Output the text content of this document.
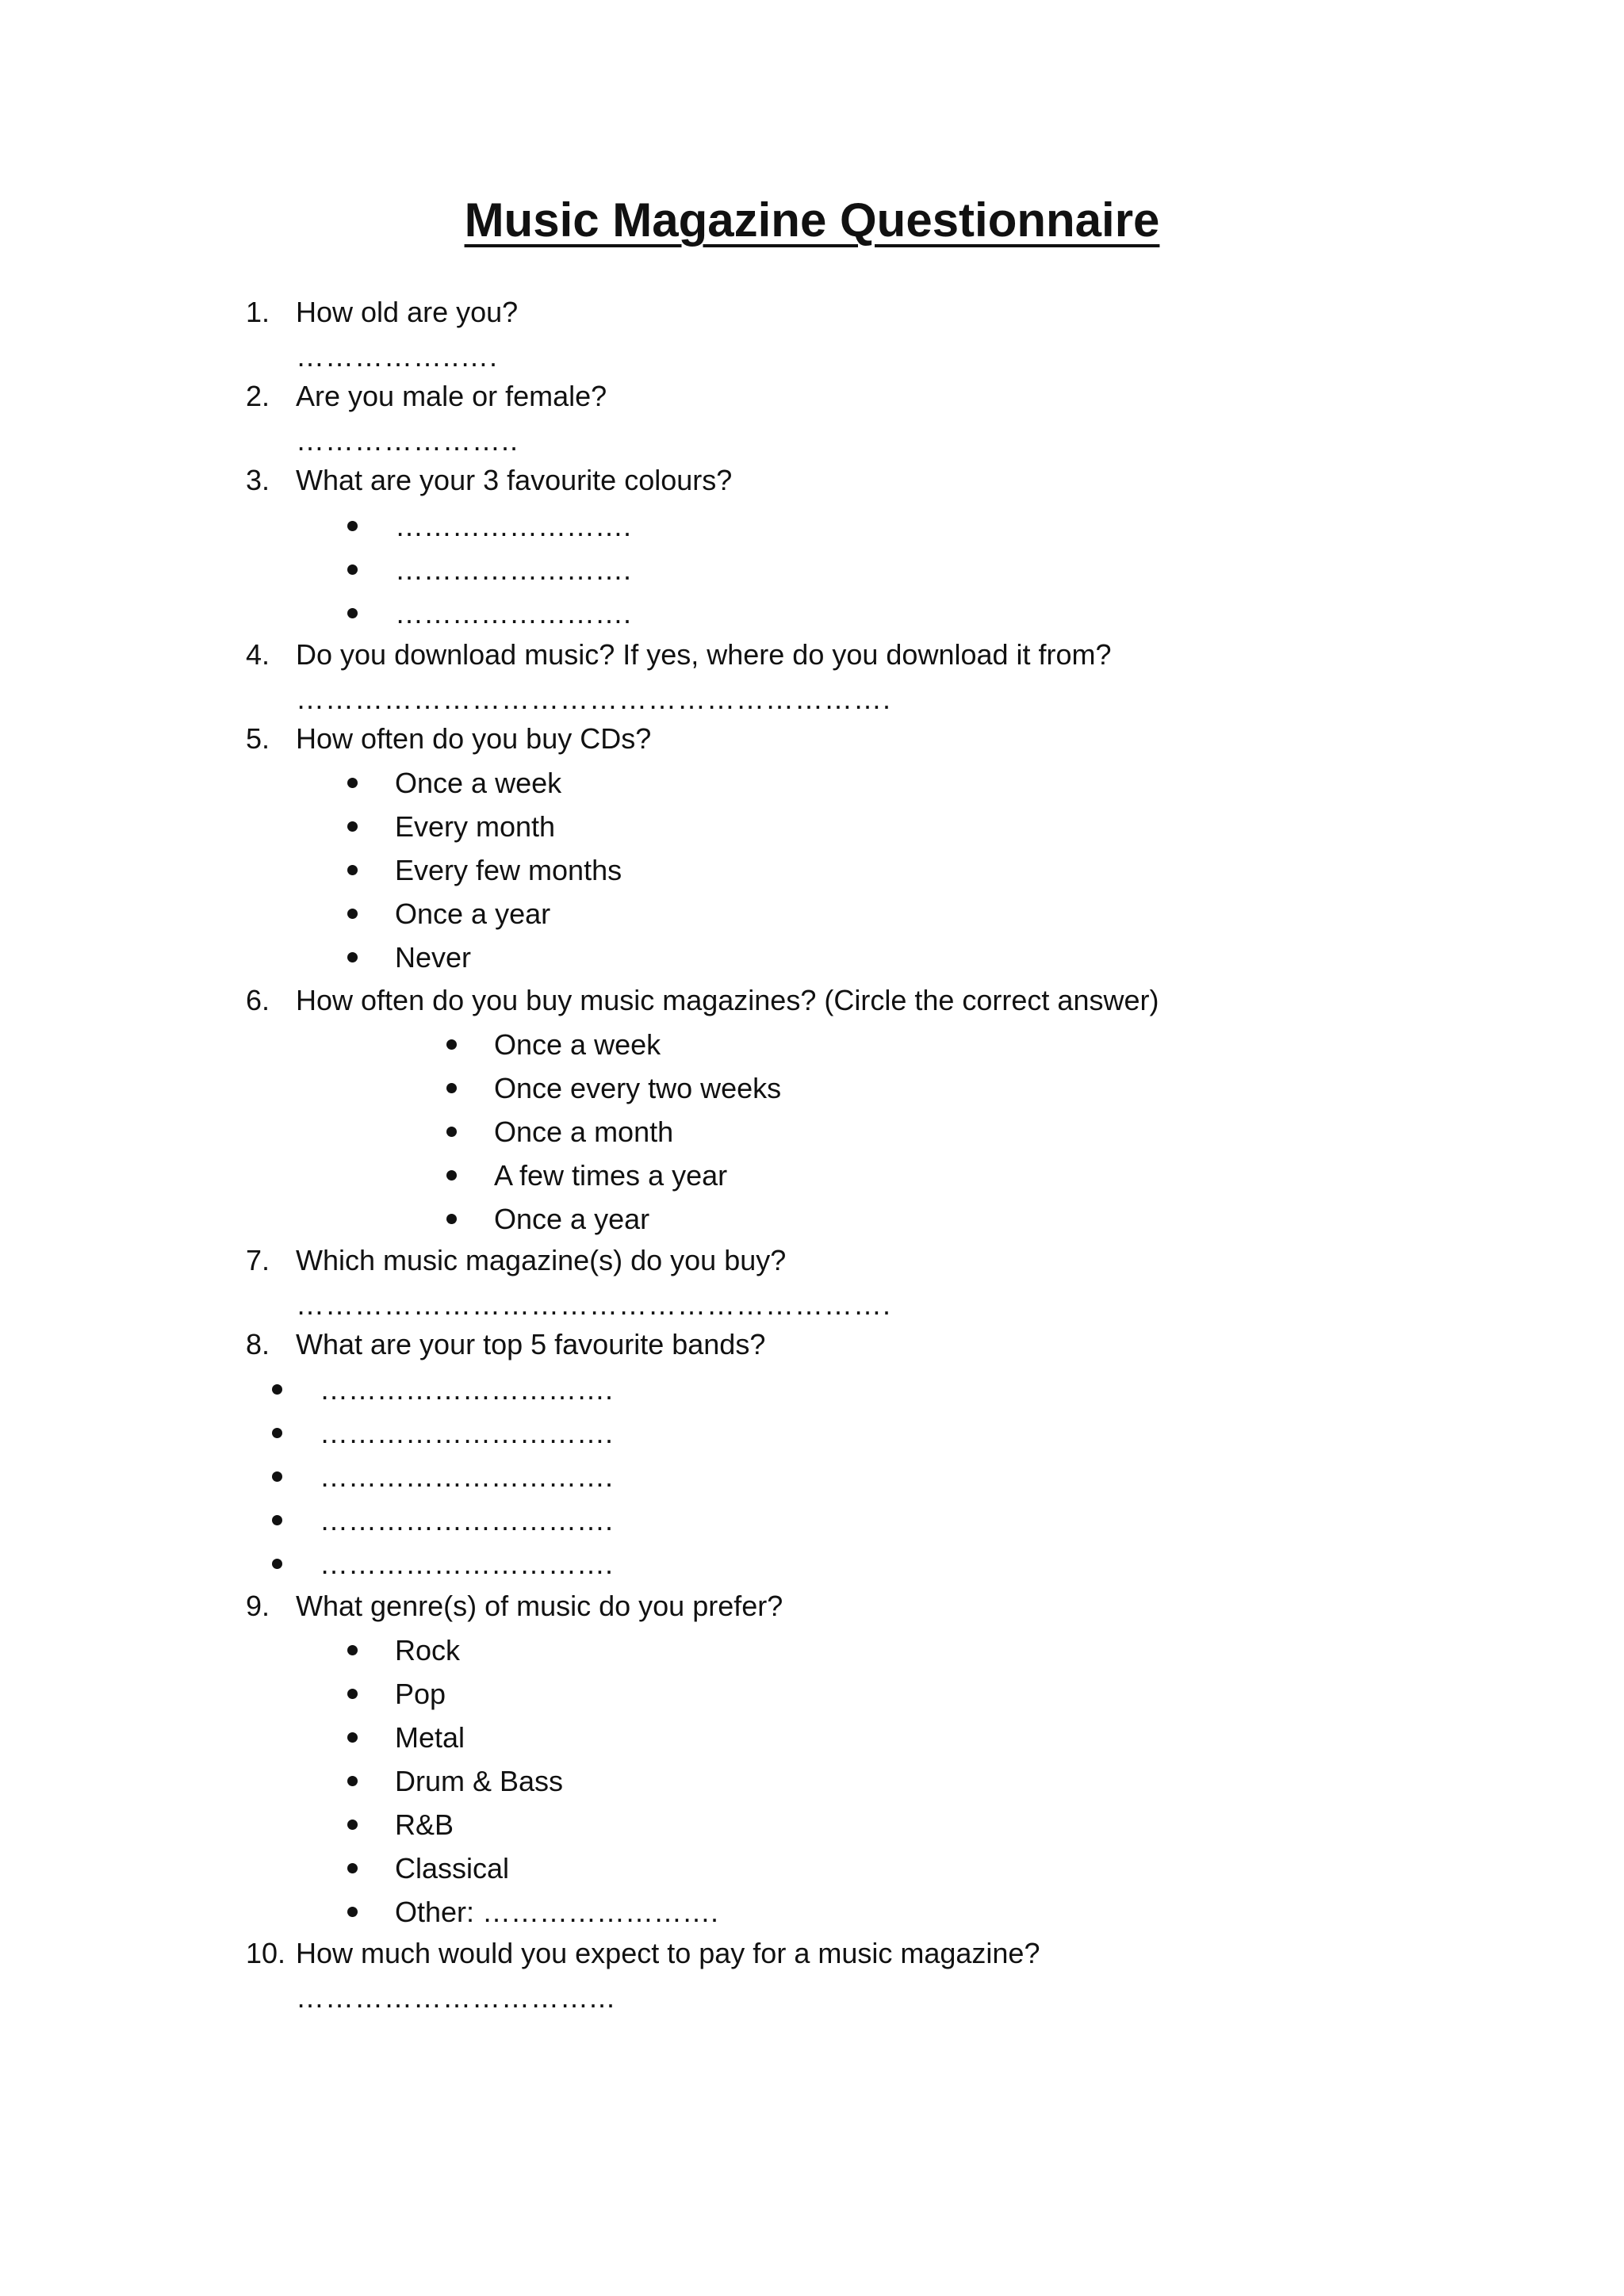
Music Magazine Questionnaire
1. How old are you?
……………..….
2. Are you male or female?
…………………..
3. What are your 3 favourite colours?
…………………….
…………………….
…………………….
4. Do you download music? If yes, where do you download it from?
…………………………………………………….
5. How often do you buy CDs?
Once a week
Every month
Every few months
Once a year
Never
6. How often do you buy music magazines? (Circle the correct answer)
Once a week
Once every two weeks
Once a month
A few times a year
Once a year
7. Which music magazine(s) do you buy?
…………………………………………………….
8. What are your top 5 favourite bands?
………………………….
………………………….
………………………….
………………………….
………………………….
9. What genre(s) of music do you prefer?
Rock
Pop
Metal
Drum & Bass
R&B
Classical
Other: …………………….
10. How much would you expect to pay for a music magazine?
…………………………...
